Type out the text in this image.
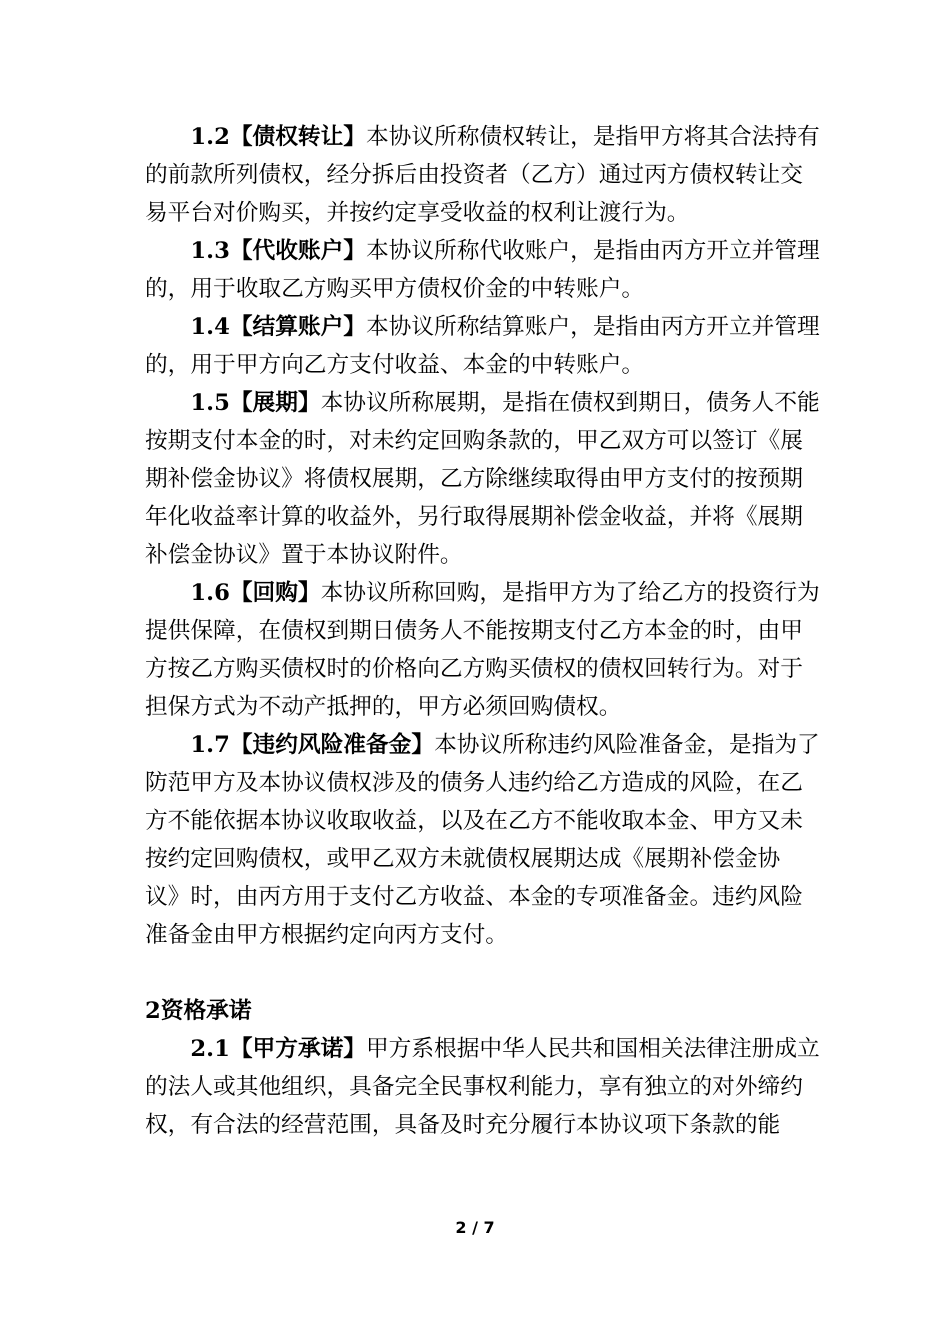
1.2【债权转让】本协议所称债权转让，是指甲方将其合法持有
的前款所列债权，经分拆后由投资者（乙方）通过丙方债权转让交
易平台对价购买，并按约定享受收益的权利让渡行为。
1.3【代收账户】本协议所称代收账户，是指由丙方开立并管理
的，用于收取乙方购买甲方债权价金的中转账户。
1.4【结算账户】本协议所称结算账户，是指由丙方开立并管理
的，用于甲方向乙方支付收益、本金的中转账户。
1.5【展期】本协议所称展期，是指在债权到期日，债务人不能
按期支付本金的时，对未约定回购条款的，甲乙双方可以签订《展
期补偿金协议》将债权展期，乙方除继续取得由甲方支付的按预期
年化收益率计算的收益外，另行取得展期补偿金收益，并将《展期
补偿金协议》置于本协议附件。
1.6【回购】本协议所称回购，是指甲方为了给乙方的投资行为
提供保障，在债权到期日债务人不能按期支付乙方本金的时，由甲
方按乙方购买债权时的价格向乙方购买债权的债权回转行为。对于
担保方式为不动产抵押的，甲方必须回购债权。
1.7【违约风险准备金】本协议所称违约风险准备金，是指为了
防范甲方及本协议债权涉及的债务人违约给乙方造成的风险，在乙
方不能依据本协议收取收益，以及在乙方不能收取本金、甲方又未
按约定回购债权，或甲乙双方未就债权展期达成《展期补偿金协
议》时，由丙方用于支付乙方收益、本金的专项准备金。违约风险
准备金由甲方根据约定向丙方支付。
2资格承诺
2.1【甲方承诺】甲方系根据中华人民共和国相关法律注册成立
的法人或其他组织，具备完全民事权利能力，享有独立的对外缔约
权，有合法的经营范围，具备及时充分履行本协议项下条款的能
2 / 7
